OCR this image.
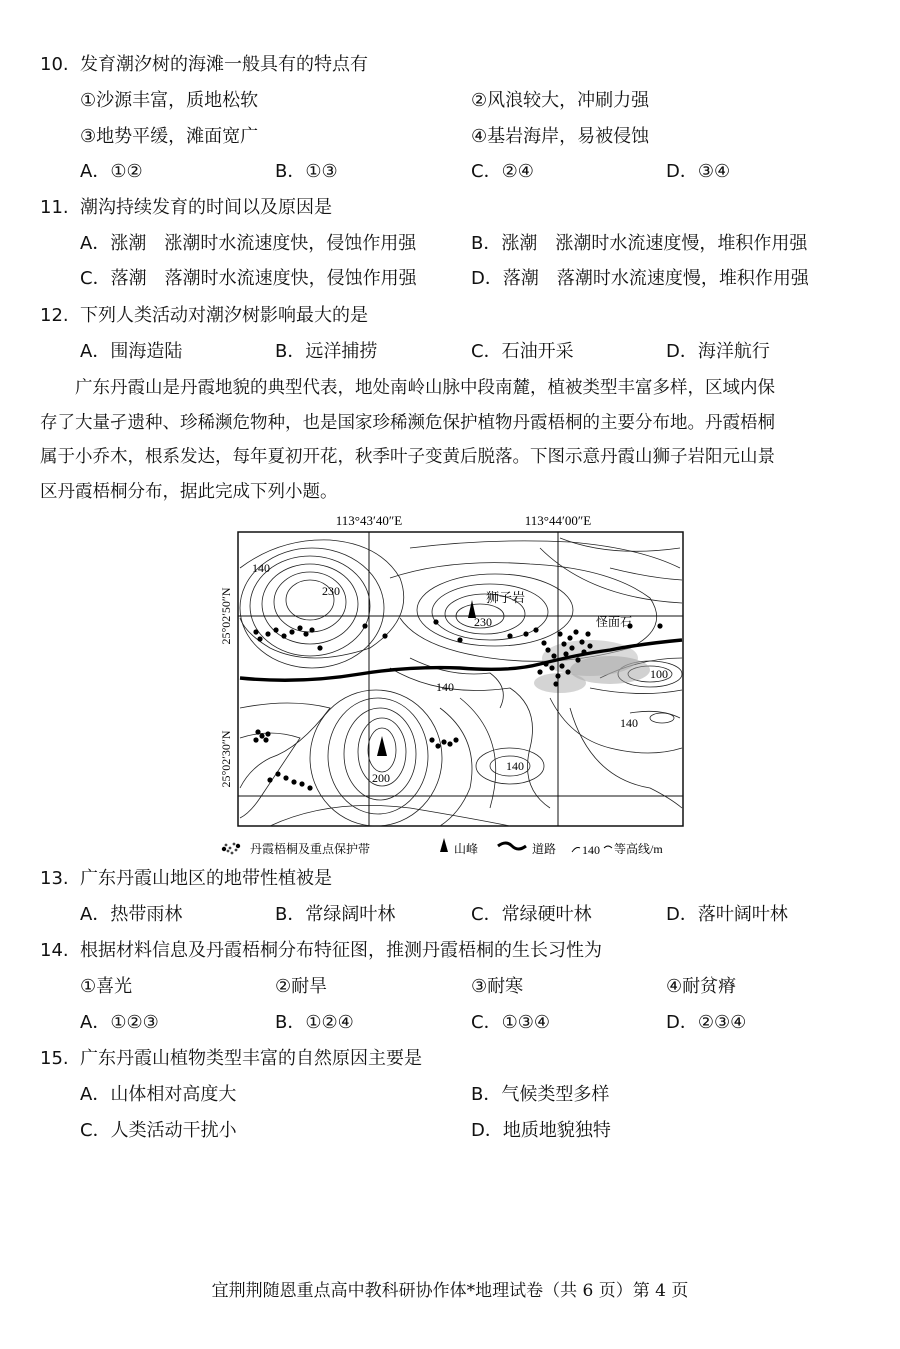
10. 发育潮汐树的海滩一般具有的特点有
①沙源丰富，质地松软	②风浪较大，冲刷力强
③地势平缓，滩面宽广	④基岩海岸，易被侵蚀
A．①②	B．①③	C．②④	D．③④
11. 潮沟持续发育的时间以及原因是
A．涨潮　涨潮时水流速度快，侵蚀作用强	B．涨潮　涨潮时水流速度慢，堆积作用强
C．落潮　落潮时水流速度快，侵蚀作用强	D．落潮　落潮时水流速度慢，堆积作用强
12. 下列人类活动对潮汐树影响最大的是
A．围海造陆	B．远洋捕捞	C．石油开采	D．海洋航行
　　广东丹霞山是丹霞地貌的典型代表，地处南岭山脉中段南麓，植被类型丰富多样，区域内保
存了大量孑遗种、珍稀濒危物种，也是国家珍稀濒危保护植物丹霞梧桐的主要分布地。丹霞梧桐
属于小乔木，根系发达，每年夏初开花，秋季叶子变黄后脱落。下图示意丹霞山狮子岩阳元山景
区丹霞梧桐分布，据此完成下列小题。
113°43′40″E	113°44′00″E
25°02′50″N
25°02′30″N
狮子岩
怪面石
140
230
230
140
100
140
140
200
丹霞梧桐及重点保护带	山峰	道路 140 等高线/m
13. 广东丹霞山地区的地带性植被是
A．热带雨林	B．常绿阔叶林	C．常绿硬叶林	D．落叶阔叶林
14. 根据材料信息及丹霞梧桐分布特征图，推测丹霞梧桐的生长习性为
①喜光	②耐旱	③耐寒	④耐贫瘠
A．①②③	B．①②④	C．①③④	D．②③④
15. 广东丹霞山植物类型丰富的自然原因主要是
A．山体相对高度大	B．气候类型多样
C．人类活动干扰小	D．地质地貌独特
宜荆荆随恩重点高中教科研协作体*地理试卷（共 6 页）第 4 页
